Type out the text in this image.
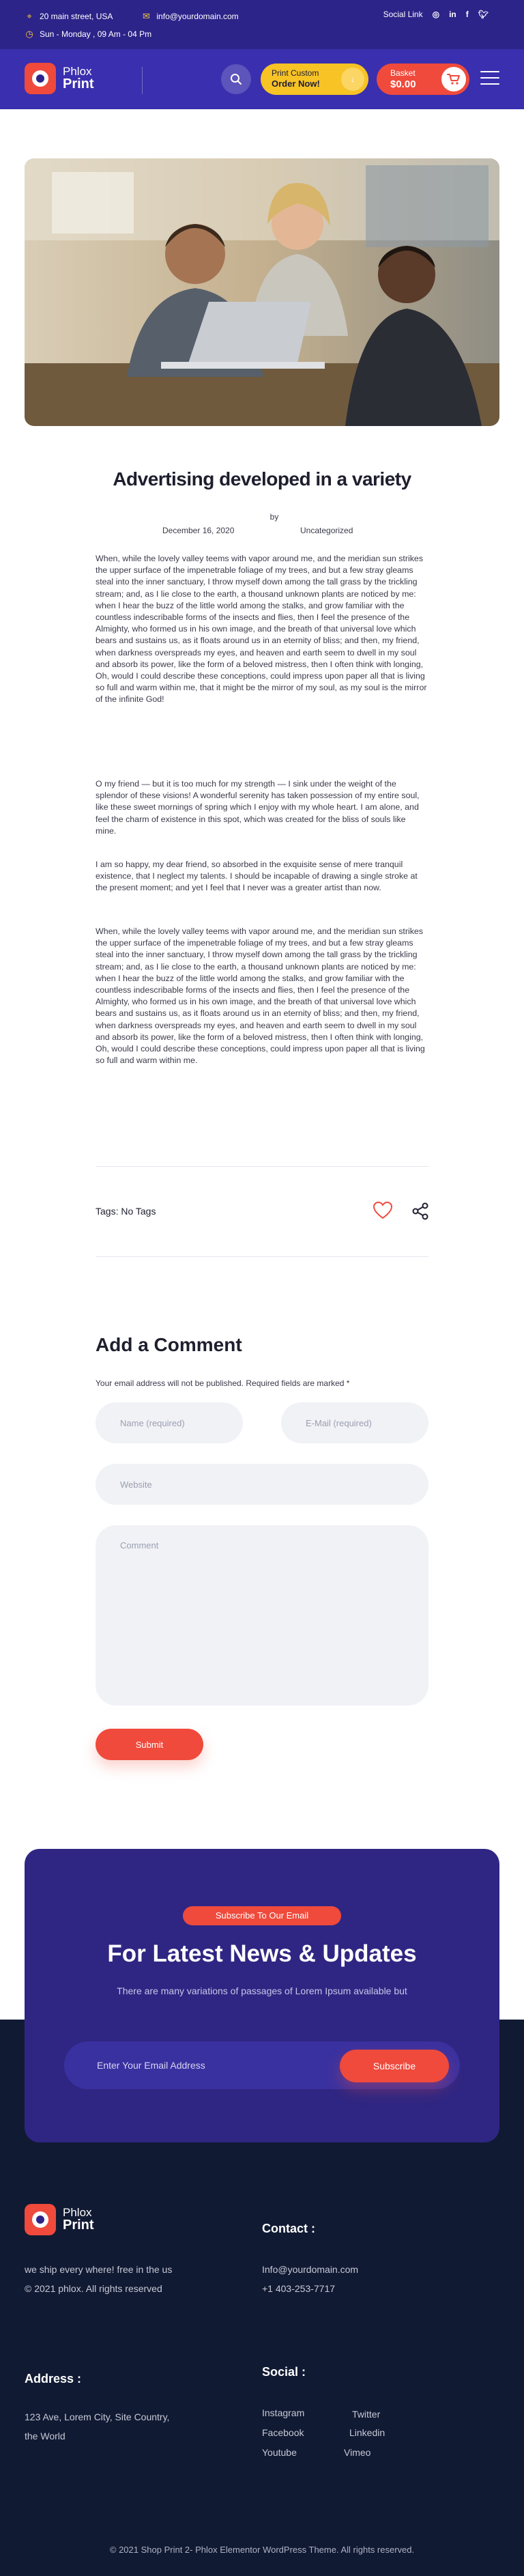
⌖ 20 main street, USA	✉ info@yourdomain.com
◷ Sun - Monday , 09 Am - 04 Pm
Social Link ◎ in f 🐦︎
Phlox
Print
Print Custom
Order Now!	↓
Basket
$0.00
Advertising developed in a variety
by
December 16, 2020	Uncategorized

When, while the lovely valley teems with vapor around me, and the meridian sun strikes the upper surface of the impenetrable foliage of my trees, and but a few stray gleams steal into the inner sanctuary, I throw myself down among the tall grass by the trickling stream; and, as I lie close to the earth, a thousand unknown plants are noticed by me: when I hear the buzz of the little world among the stalks, and grow familiar with the countless indescribable forms of the insects and flies, then I feel the presence of the Almighty, who formed us in his own image, and the breath of that universal love which bears and sustains us, as it floats around us in an eternity of bliss; and then, my friend, when darkness overspreads my eyes, and heaven and earth seem to dwell in my soul and absorb its power, like the form of a beloved mistress, then I often think with longing, Oh, would I could describe these conceptions, could impress upon paper all that is living so full and warm within me, that it might be the mirror of my soul, as my soul is the mirror of the infinite God!

O my friend — but it is too much for my strength — I sink under the weight of the splendor of these visions! A wonderful serenity has taken possession of my entire soul, like these sweet mornings of spring which I enjoy with my whole heart. I am alone, and feel the charm of existence in this spot, which was created for the bliss of souls like mine.

I am so happy, my dear friend, so absorbed in the exquisite sense of mere tranquil existence, that I neglect my talents. I should be incapable of drawing a single stroke at the present moment; and yet I feel that I never was a greater artist than now.

When, while the lovely valley teems with vapor around me, and the meridian sun strikes the upper surface of the impenetrable foliage of my trees, and but a few stray gleams steal into the inner sanctuary, I throw myself down among the tall grass by the trickling stream; and, as I lie close to the earth, a thousand unknown plants are noticed by me: when I hear the buzz of the little world among the stalks, and grow familiar with the countless indescribable forms of the insects and flies, then I feel the presence of the Almighty, who formed us in his own image, and the breath of that universal love which bears and sustains us, as it floats around us in an eternity of bliss; and then, my friend, when darkness overspreads my eyes, and heaven and earth seem to dwell in my soul and absorb its power, like the form of a beloved mistress, then I often think with longing, Oh, would I could describe these conceptions, could impress upon paper all that is living so full and warm within me.

Tags: No Tags
Add a Comment
Your email address will not be published. Required fields are marked *
Name (required)
E-Mail (required)
Website
Comment
Submit
Subscribe To Our Email
For Latest News & Updates
There are many variations of passages of Lorem Ipsum available but
Enter Your Email Address
Subscribe
Phlox
Print
we ship every where! free in the us
© 2021 phlox. All rights reserved
Contact :
Info@yourdomain.com
+1 403-253-7717
Address :
123 Ave, Lorem City, Site Country,
the World
Social :
Instagram	Twitter
Facebook	Linkedin
Youtube	Vimeo
© 2021 Shop Print 2- Phlox Elementor WordPress Theme. All rights reserved.
